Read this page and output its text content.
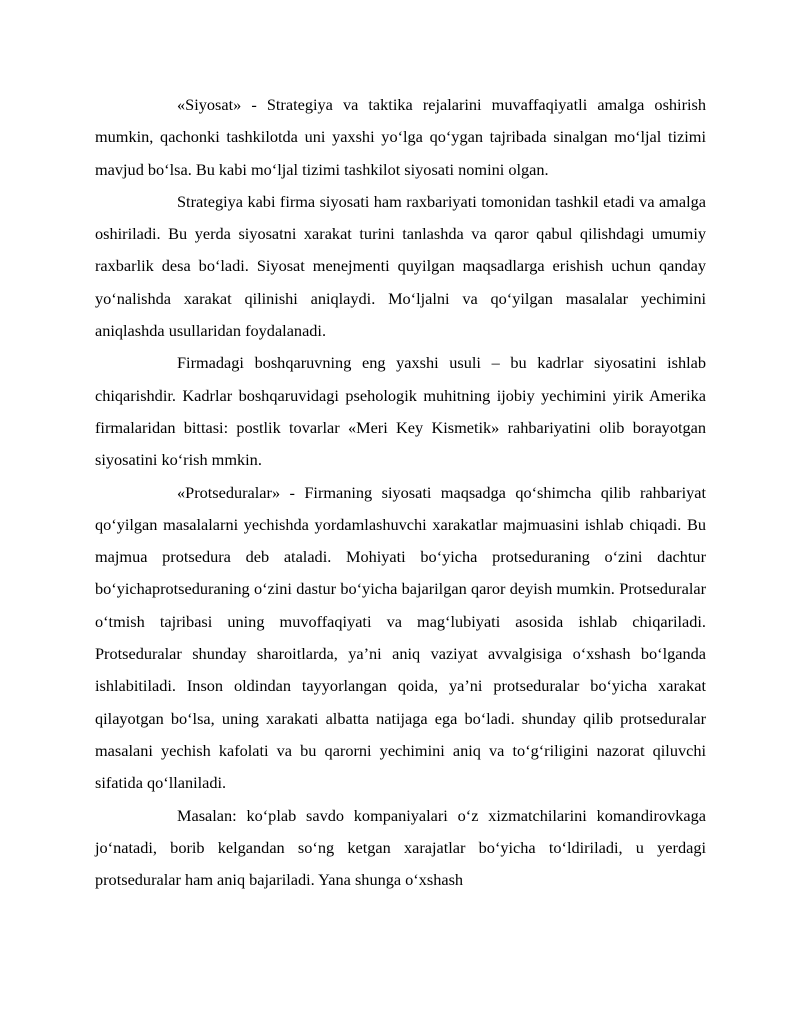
«Siyosat» - Strategiya va taktika rejalarini muvaffaqiyatli amalga oshirish mumkin, qachonki tashkilotda uni yaxshi yo‘lga qo‘ygan tajribada sinalgan mo‘ljal tizimi mavjud bo‘lsa. Bu kabi mo‘ljal tizimi tashkilot siyosati nomini olgan.

Strategiya kabi firma siyosati ham raxbariyati tomonidan tashkil etadi va amalga oshiriladi. Bu yerda siyosatni xarakat turini tanlashda va qaror qabul qilishdagi umumiy raxbarlik desa bo‘ladi. Siyosat menejmenti quyilgan maqsadlarga erishish uchun qanday yo‘nalishda xarakat qilinishi aniqlaydi. Mo‘ljalni va qo‘yilgan masalalar yechimini aniqlashda usullaridan foydalanadi.

Firmadagi boshqaruvning eng yaxshi usuli – bu kadrlar siyosatini ishlab chiqarishdir. Kadrlar boshqaruvidagi psehologik muhitning ijobiy yechimini yirik Amerika firmalaridan bittasi: postlik tovarlar «Meri Key Kismetik» rahbariyatini olib borayotgan siyosatini ko‘rish mmkin.

«Protseduralar» - Firmaning siyosati maqsadga qo‘shimcha qilib rahbariyat qo‘yilgan masalalarni yechishda yordamlashuvchi xarakatlar majmuasini ishlab chiqadi. Bu majmua protsedura deb ataladi. Mohiyati bo‘yicha protseduraning o‘zini dachtur bo‘yichaprotseduraning o‘zini dastur bo‘yicha bajarilgan qaror deyish mumkin. Protseduralar o‘tmish tajribasi uning muvoffaqiyati va mag‘lubiyati asosida ishlab chiqariladi. Protseduralar shunday sharoitlarda, ya’ni aniq vaziyat avvalgisiga o‘xshash bo‘lganda ishlabitiladi. Inson oldindan tayyorlangan qoida, ya’ni protseduralar bo‘yicha xarakat qilayotgan bo‘lsa, uning xarakati albatta natijaga ega bo‘ladi. shunday qilib protseduralar masalani yechish kafolati va bu qarorni yechimini aniq va to‘g‘riligini nazorat qiluvchi sifatida qo‘llaniladi.

Masalan: ko‘plab savdo kompaniyalari o‘z xizmatchilarini komandirovkaga jo‘natadi, borib kelgandan so‘ng ketgan xarajatlar bo‘yicha to‘ldiriladi, u yerdagi protseduralar ham aniq bajariladi. Yana shunga o‘xshash
